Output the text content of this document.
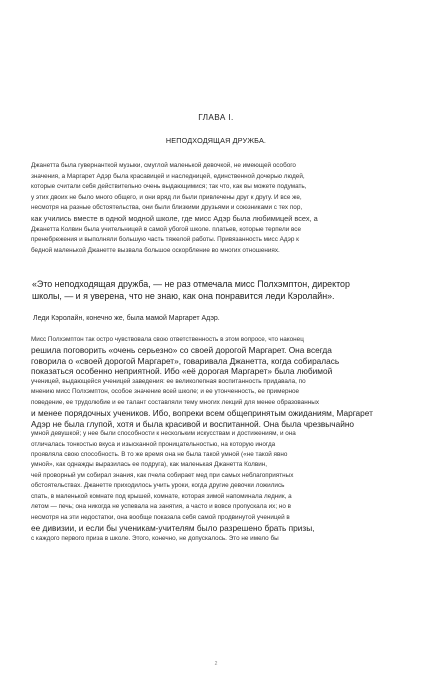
ГЛАВА I.
НЕПОДХОДЯЩАЯ ДРУЖБА.
Джанетта была гувернанткой музыки, смуглой маленькой девочкой, не имеющей особого
значения, а Маргарет Адэр была красавицей и наследницей, единственной дочерью людей,
которые считали себя действительно очень выдающимися; так что, как вы можете подумать,
у этих двоих не было много общего, и они вряд ли были привлечены друг к другу. И все же,
несмотря на разные обстоятельства, они были близкими друзьями и союзниками с тех пор,
как учились вместе в одной модной школе, где мисс Адэр была любимицей всех, а
Джанетта Колвин была учительницей в самой убогой школе. платьев, которые терпели все
пренебрежения и выполняли большую часть тяжелой работы. Привязанность мисс Адэр к
бедной маленькой Джанетте вызвала большое оскорбление во многих отношениях.
«Это неподходящая дружба, — не раз отмечала мисс Полхэмптон, директор
школы, — и я уверена, что не знаю, как она понравится леди Кэролайн».
Леди Кэролайн, конечно же, была мамой Маргарет Адэр.
Мисс Полхэмптон так остро чувствовала свою ответственность в этом вопросе, что наконец
решила поговорить «очень серьезно» со своей дорогой Маргарет. Она всегда
говорила о «своей дорогой Маргарет», говаривала Джанетта, когда собиралась
показаться особенно неприятной. Ибо «её дорогая Маргарет» была любимой
ученицей, выдающейся ученицей заведения: ее великолепная воспитанность придавала, по
мнению мисс Полхэмптон, особое значение всей школе; и ее утонченность, ее примерное
поведение, ее трудолюбие и ее талант составляли тему многих лекций для менее образованных
и менее порядочных учеников. Ибо, вопреки всем общепринятым ожиданиям, Маргарет
Адэр не была глупой, хотя и была красивой и воспитанной. Она была чрезвычайно
умной девушкой; у нее были способности к нескольким искусствам и достижениям, и она
отличалась тонкостью вкуса и изысканной проницательностью, на которую иногда
проявляла свою способность. В то же время она не была такой умной («не такой явно
умной», как однажды выразилась ее подруга), как маленькая Джанетта Колвин,
чей проворный ум собирал знания, как пчела собирает мед при самых неблагоприятных
обстоятельствах. Джанетте приходилось учить уроки, когда другие девочки ложились
спать, в маленькой комнате под крышей, комнате, которая зимой напоминала ледник, а
летом — печь; она никогда не успевала на занятия, а часто и вовсе пропускала их; но в
несмотря на эти недостатки, она вообще показала себя самой продвинутой ученицей в
ее дивизии, и если бы ученикам-учителям было разрешено брать призы,
с каждого первого приза в школе. Этого, конечно, не допускалось. Это не имело бы
2
